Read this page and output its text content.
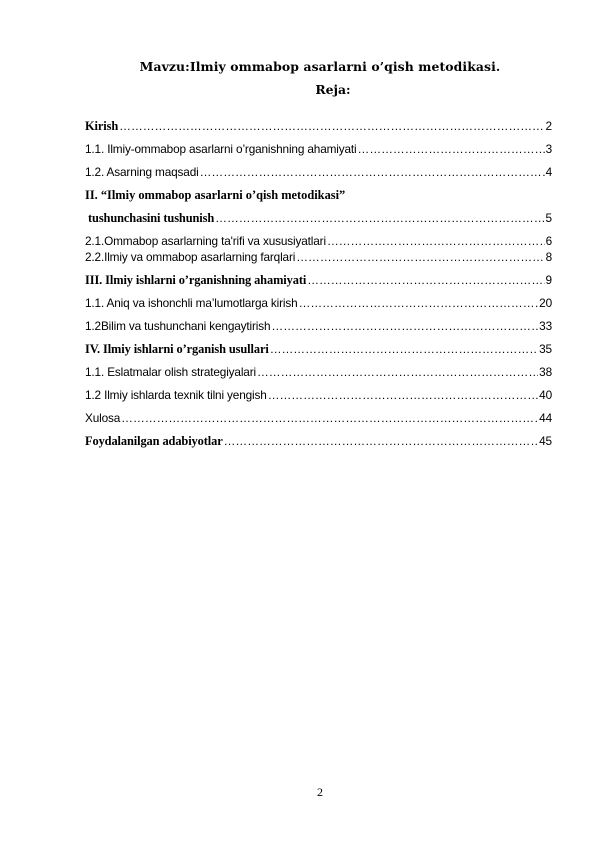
Mavzu:Ilmiy ommabop asarlarni o’qish metodikasi.
Reja:
Kirish …………………………………………………………………………………………………………………………………………	2
1.1. Ilmiy-ommabop asarlarni o’rganishning ahamiyati …………………………………………………………………………………………………………………………………………	3
1.2. Asarning maqsadi …………………………………………………………………………………………………………………………………………	4
II. “Ilmiy ommabop asarlarni o’qish metodikasi”
tushunchasini tushunish …………………………………………………………………………………………………………………………………………	5
2.1.Ommabop asarlarning ta'rifi va xususiyatlari …………………………………………………………………………………………………………………………………………	6
2.2.Ilmiy va ommabop asarlarning farqlari …………………………………………………………………………………………………………………………………………	8
III. Ilmiy ishlarni o’rganishning ahamiyati …………………………………………………………………………………………………………………………………………	9
1.1. Aniq va ishonchli ma’lumotlarga kirish …………………………………………………………………………………………………………………………………………	20
1.2Bilim va tushunchani kengaytirish …………………………………………………………………………………………………………………………………………	33
IV. Ilmiy ishlarni o’rganish usullari …………………………………………………………………………………………………………………………………………	35
1.1. Eslatmalar olish strategiyalari …………………………………………………………………………………………………………………………………………	38
1.2 Ilmiy ishlarda texnik tilni yengish …………………………………………………………………………………………………………………………………………	40
Xulosa …………………………………………………………………………………………………………………………………………	44
Foydalanilgan adabiyotlar …………………………………………………………………………………………………………………………………………	45
2
